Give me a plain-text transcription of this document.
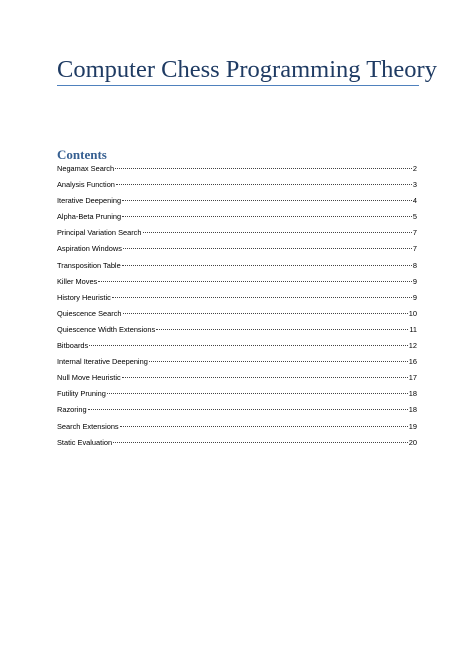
Computer Chess Programming Theory
Contents
Negamax Search	2
Analysis Function	3
Iterative Deepening	4
Alpha-Beta Pruning	5
Principal Variation Search	7
Aspiration Windows	7
Transposition Table	8
Killer Moves	9
History Heuristic	9
Quiescence Search	10
Quiescence Width Extensions	11
Bitboards	12
Internal Iterative Deepening	16
Null Move Heuristic	17
Futility Pruning	18
Razoring	18
Search Extensions	19
Static Evaluation	20
